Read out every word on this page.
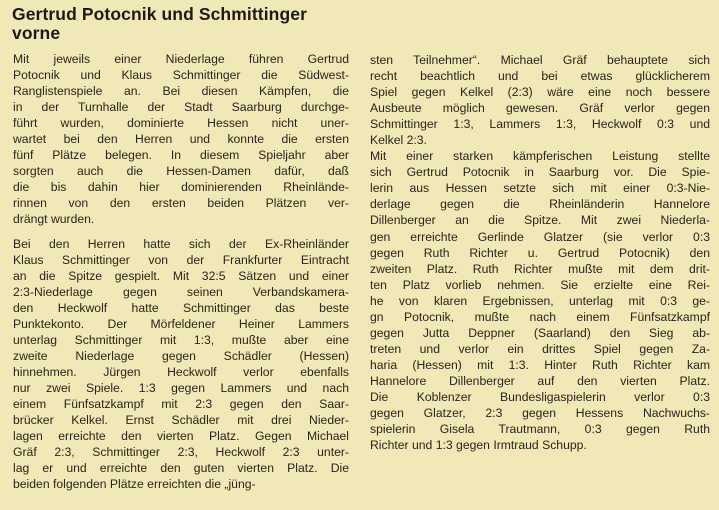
Gertrud Potocnik und Schmittinger
vorne
Mit jeweils einer Niederlage führen Gertrud
Potocnik und Klaus Schmittinger die Südwest-
Ranglistenspiele an. Bei diesen Kämpfen, die
in der Turnhalle der Stadt Saarburg durchge-
führt wurden, dominierte Hessen nicht uner-
wartet bei den Herren und konnte die ersten
fünf Plätze belegen. In diesem Spieljahr aber
sorgten auch die Hessen-Damen dafür, daß
die bis dahin hier dominierenden Rheinlände-
rinnen von den ersten beiden Plätzen ver-
drängt wurden.
Bei den Herren hatte sich der Ex-Rheinländer
Klaus Schmittinger von der Frankfurter Eintracht
an die Spitze gespielt. Mit 32:5 Sätzen und einer
2:3-Niederlage gegen seinen Verbandskamera-
den Heckwolf hatte Schmittinger das beste
Punktekonto. Der Mörfeldener Heiner Lammers
unterlag Schmittinger mit 1:3, mußte aber eine
zweite Niederlage gegen Schädler (Hessen)
hinnehmen. Jürgen Heckwolf verlor ebenfalls
nur zwei Spiele. 1:3 gegen Lammers und nach
einem Fünfsatzkampf mit 2:3 gegen den Saar-
brücker Kelkel. Ernst Schädler mit drei Nieder-
lagen erreichte den vierten Platz. Gegen Michael
Gräf 2:3, Schmittinger 2:3, Heckwolf 2:3 unter-
lag er und erreichte den guten vierten Platz. Die
beiden folgenden Plätze erreichten die „jüng-
sten Teilnehmer“. Michael Gräf behauptete sich
recht beachtlich und bei etwas glücklicherem
Spiel gegen Kelkel (2:3) wäre eine noch bessere
Ausbeute möglich gewesen. Gräf verlor gegen
Schmittinger 1:3, Lammers 1:3, Heckwolf 0:3 und
Kelkel 2:3.
Mit einer starken kämpferischen Leistung stellte
sich Gertrud Potocnik in Saarburg vor. Die Spie-
lerin aus Hessen setzte sich mit einer 0:3-Nie-
derlage gegen die Rheinländerin Hannelore
Dillenberger an die Spitze. Mit zwei Niederla-
gen erreichte Gerlinde Glatzer (sie verlor 0:3
gegen Ruth Richter u. Gertrud Potocnik) den
zweiten Platz. Ruth Richter mußte mit dem drit-
ten Platz vorlieb nehmen. Sie erzielte eine Rei-
he von klaren Ergebnissen, unterlag mit 0:3 ge-
gn Potocnik, mußte nach einem Fünfsatzkampf
gegen Jutta Deppner (Saarland) den Sieg ab-
treten und verlor ein drittes Spiel gegen Za-
haria (Hessen) mit 1:3. Hinter Ruth Richter kam
Hannelore Dillenberger auf den vierten Platz.
Die Koblenzer Bundesligaspielerin verlor 0:3
gegen Glatzer, 2:3 gegen Hessens Nachwuchs-
spielerin Gisela Trautmann, 0:3 gegen Ruth
Richter und 1:3 gegen Irmtraud Schupp.
